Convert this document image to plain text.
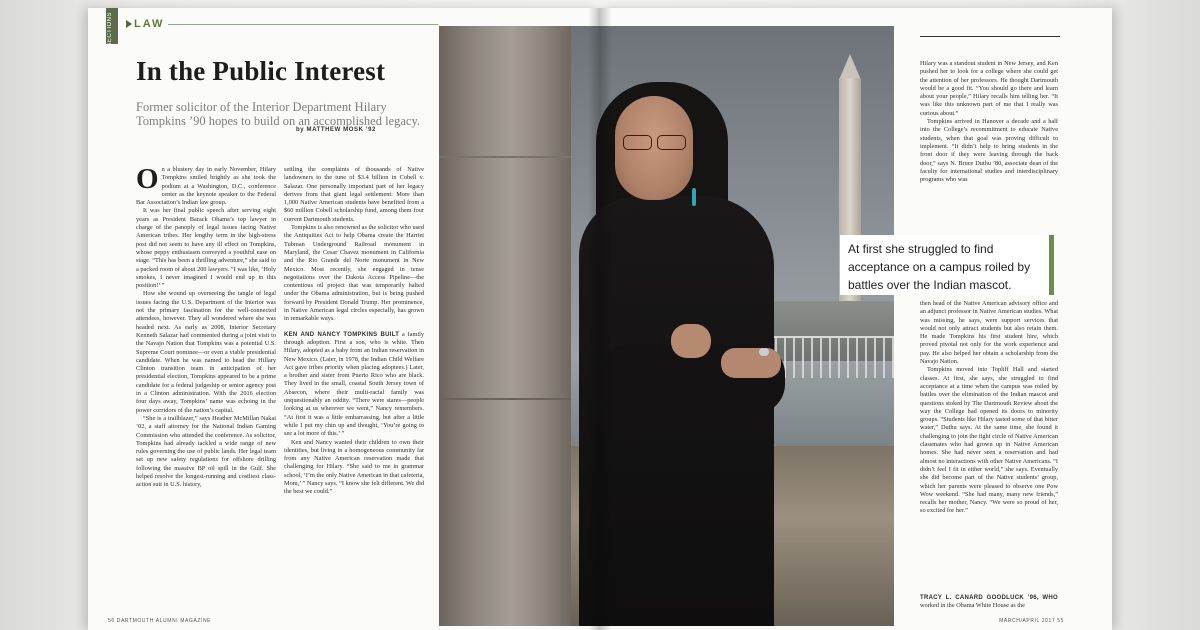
SECTIONS LAW
In the Public Interest
Former solicitor of the Interior Department Hilary Tompkins ’90 hopes to build on an accomplished legacy.
by MATTHEW MOSK ’92

On a blustery day in early November, Hilary Tompkins smiled brightly as she took the podium at a Washington, D.C., conference center as the keynote speaker to the Federal Bar Association’s Indian law group.

It was her final public speech after serving eight years as President Barack Obama’s top lawyer in charge of the panoply of legal issues facing Native American tribes. Her lengthy term in the high-stress post did not seem to have any ill effect on Tompkins, whose peppy enthusiasm conveyed a youthful ease on stage. “This has been a thrilling adventure,” she said to a packed room of about 200 lawyers. “I was like, ‘Holy smokes, I never imagined I would end up in this position!’ ”

How she wound up overseeing the tangle of legal issues facing the U.S. Department of the Interior was not the primary fascination for the well-connected attendees, however. They all wondered where she was headed next. As early as 2008, Interior Secretary Kenneth Salazar had commented during a joint visit to the Navajo Nation that Tompkins was a potential U.S. Supreme Court nominee—or even a viable presidential candidate. When he was named to head the Hillary Clinton transition team in anticipation of her presidential election, Tompkins appeared to be a prime candidate for a federal judgeship or senior agency post in a Clinton administration. With the 2016 election four days away, Tompkins’ name was echoing in the power corridors of the nation’s capital.

“She is a trailblazer,” says Heather McMillan Nakai ’02, a staff attorney for the National Indian Gaming Commission who attended the conference. As solicitor, Tompkins had already tackled a wide range of new rules governing the use of public lands. Her legal team set up new safety regulations for offshore drilling following the massive BP oil spill in the Gulf. She helped resolve the longest-running and costliest class-action suit in U.S. history,

settling the complaints of thousands of Native landowners to the tune of $3.4 billion in Cobell v. Salazar. One personally important part of her legacy derives from that giant legal settlement: More than 1,000 Native American students have benefited from a $60 million Cobell scholarship fund, among them four current Dartmouth students.

Tompkins is also renowned as the solicitor who used the Antiquities Act to help Obama create the Harriet Tubman Underground Railroad monument in Maryland, the Cesar Chavez monument in California and the Rio Grande del Norte monument in New Mexico. Most recently, she engaged in tense negotiations over the Dakota Access Pipeline—the contentious oil project that was temporarily halted under the Obama administration, but is being pushed forward by President Donald Trump. Her prominence, in Native American legal circles especially, has grown in remarkable ways.

KEN AND NANCY TOMPKINS BUILT a family through adoption. First a son, who is white. Then Hilary, adopted as a baby from an Indian reservation in New Mexico. (Later, in 1978, the Indian Child Welfare Act gave tribes priority when placing adoptees.) Later, a brother and sister from Puerto Rico who are black. They lived in the small, coastal South Jersey town of Absecon, where their multi-racial family was unquestionably an oddity. “There were stares—people looking at us wherever we went,” Nancy remembers. “At first it was a little embarrassing, but after a little while I put my chin up and thought, ‘You’re going to see a lot more of this.’ ”

Ken and Nancy wanted their children to own their identities, but living in a homogeneous community far from any Native American reservation made that challenging for Hilary. “She said to me in grammar school, ‘I’m the only Native American in that cafeteria, Mom,’ ” Nancy says. “I know she felt different. We did the best we could.”

56 DARTMOUTH ALUMNI MAGAZINE	MARCH/APRIL 2017 55
At first she struggled to find acceptance on a campus roiled by battles over the Indian mascot.

Hilary was a standout student in New Jersey, and Ken pushed her to look for a college where she could get the attention of her professors. He thought Dartmouth would be a good fit. “You should go there and learn about your people,” Hilary recalls him telling her. “It was like this unknown part of me that I really was curious about.”

Tompkins arrived in Hanover a decade and a half into the College’s recommitment to educate Native students, when that goal was proving difficult to implement. “It didn’t help to bring students in the front door if they were leaving through the back door,” says N. Bruce Duthu ’80, associate dean of the faculty for international studies and interdisciplinary programs who was

then head of the Native American advisory office and an adjunct professor in Native American studies. What was missing, he says, were support services that would not only attract students but also retain them. He made Tompkins his first student hire, which proved pivotal not only for the work experience and pay. He also helped her obtain a scholarship from the Navajo Nation.

Tompkins moved into Topliff Hall and started classes. At first, she says, she struggled to find acceptance at a time when the campus was roiled by battles over the elimination of the Indian mascot and questions stoked by The Dartmouth Review about the way the College had opened its doors to minority groups. “Students like Hilary tasted some of that bitter water,” Duthu says. At the same time, she found it challenging to join the tight circle of Native American classmates who had grown up in Native American homes. She had never seen a reservation and had almost no interactions with other Native Americans. “I didn’t feel I fit in either world,” she says. Eventually she did become part of the Native students’ group, which her parents were pleased to observe one Pow Wow weekend. “She had many, many new friends,” recalls her mother, Nancy. “We were so proud of her, so excited for her.”

TRACY L. CANARD GOODLUCK ’96, WHO worked in the Obama White House as the
